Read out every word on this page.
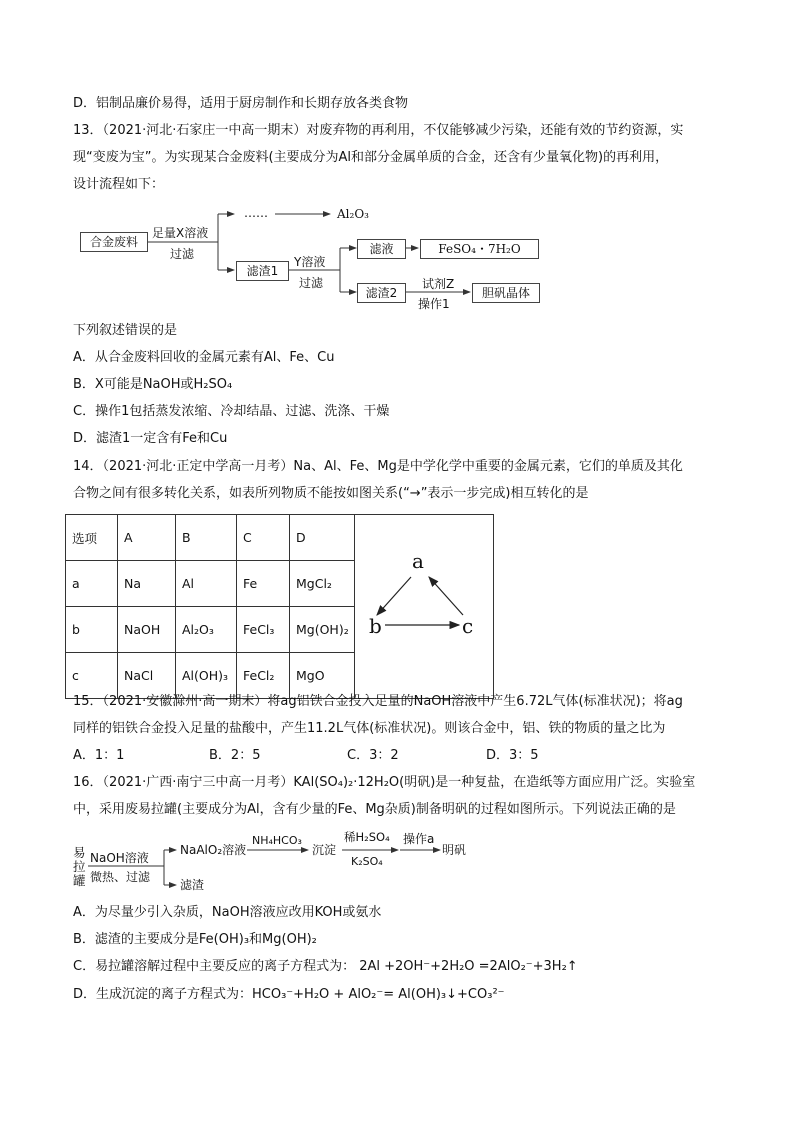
D．铝制品廉价易得，适用于厨房制作和长期存放各类食物
13．（2021·河北·石家庄一中高一期末）对废弃物的再利用，不仅能够减少污染，还能有效的节约资源，实
现“变废为宝”。为实现某合金废料(主要成分为Al和部分金属单质的合金，还含有少量氧化物)的再利用，
设计流程如下：
合金废料
足量X溶液
过滤
……	Al₂O₃
滤渣1
Y溶液
过滤
滤液	FeSO₄・7H₂O
滤渣2
试剂Z
操作1
胆矾晶体
下列叙述错误的是
A．从合金废料回收的金属元素有Al、Fe、Cu
B．X可能是NaOH或H₂SO₄
C．操作1包括蒸发浓缩、冷却结晶、过滤、洗涤、干燥
D．滤渣1一定含有Fe和Cu
14．（2021·河北·正定中学高一月考）Na、Al、Fe、Mg是中学化学中重要的金属元素，它们的单质及其化
合物之间有很多转化关系，如表所列物质不能按如图关系(“→”表示一步完成)相互转化的是
选项	A	B	C	D	a
b c

a	Na	Al	Fe	MgCl₂	
b	NaOH	Al₂O₃	FeCl₃	Mg(OH)₂	
c	NaCl	Al(OH)₃	FeCl₂	MgO	
15．（2021·安徽滁州·高一期末）将ag铝铁合金投入足量的NaOH溶液中产生6.72L气体(标准状况)；将ag
同样的铝铁合金投入足量的盐酸中，产生11.2L气体(标准状况)。则该合金中，铝、铁的物质的量之比为
A．1：1	B．2：5	C．3：2	D．3：5
16．（2021·广西·南宁三中高一月考）KAl(SO₄)₂·12H₂O(明矾)是一种复盐，在造纸等方面应用广泛。实验室
中，采用废易拉罐(主要成分为Al，含有少量的Fe、Mg杂质)制备明矾的过程如图所示。下列说法正确的是
易拉罐
NaOH溶液
微热、过滤
NaAlO₂溶液
NH₄HCO₃
沉淀
稀H₂SO₄
K₂SO₄
操作a
明矾
滤渣
A．为尽量少引入杂质，NaOH溶液应改用KOH或氨水
B．滤渣的主要成分是Fe(OH)₃和Mg(OH)₂
C．易拉罐溶解过程中主要反应的离子方程式为： 2Al +2OH⁻+2H₂O =2AlO₂⁻+3H₂↑
D．生成沉淀的离子方程式为：HCO₃⁻+H₂O + AlO₂⁻= Al(OH)₃↓+CO₃²⁻
